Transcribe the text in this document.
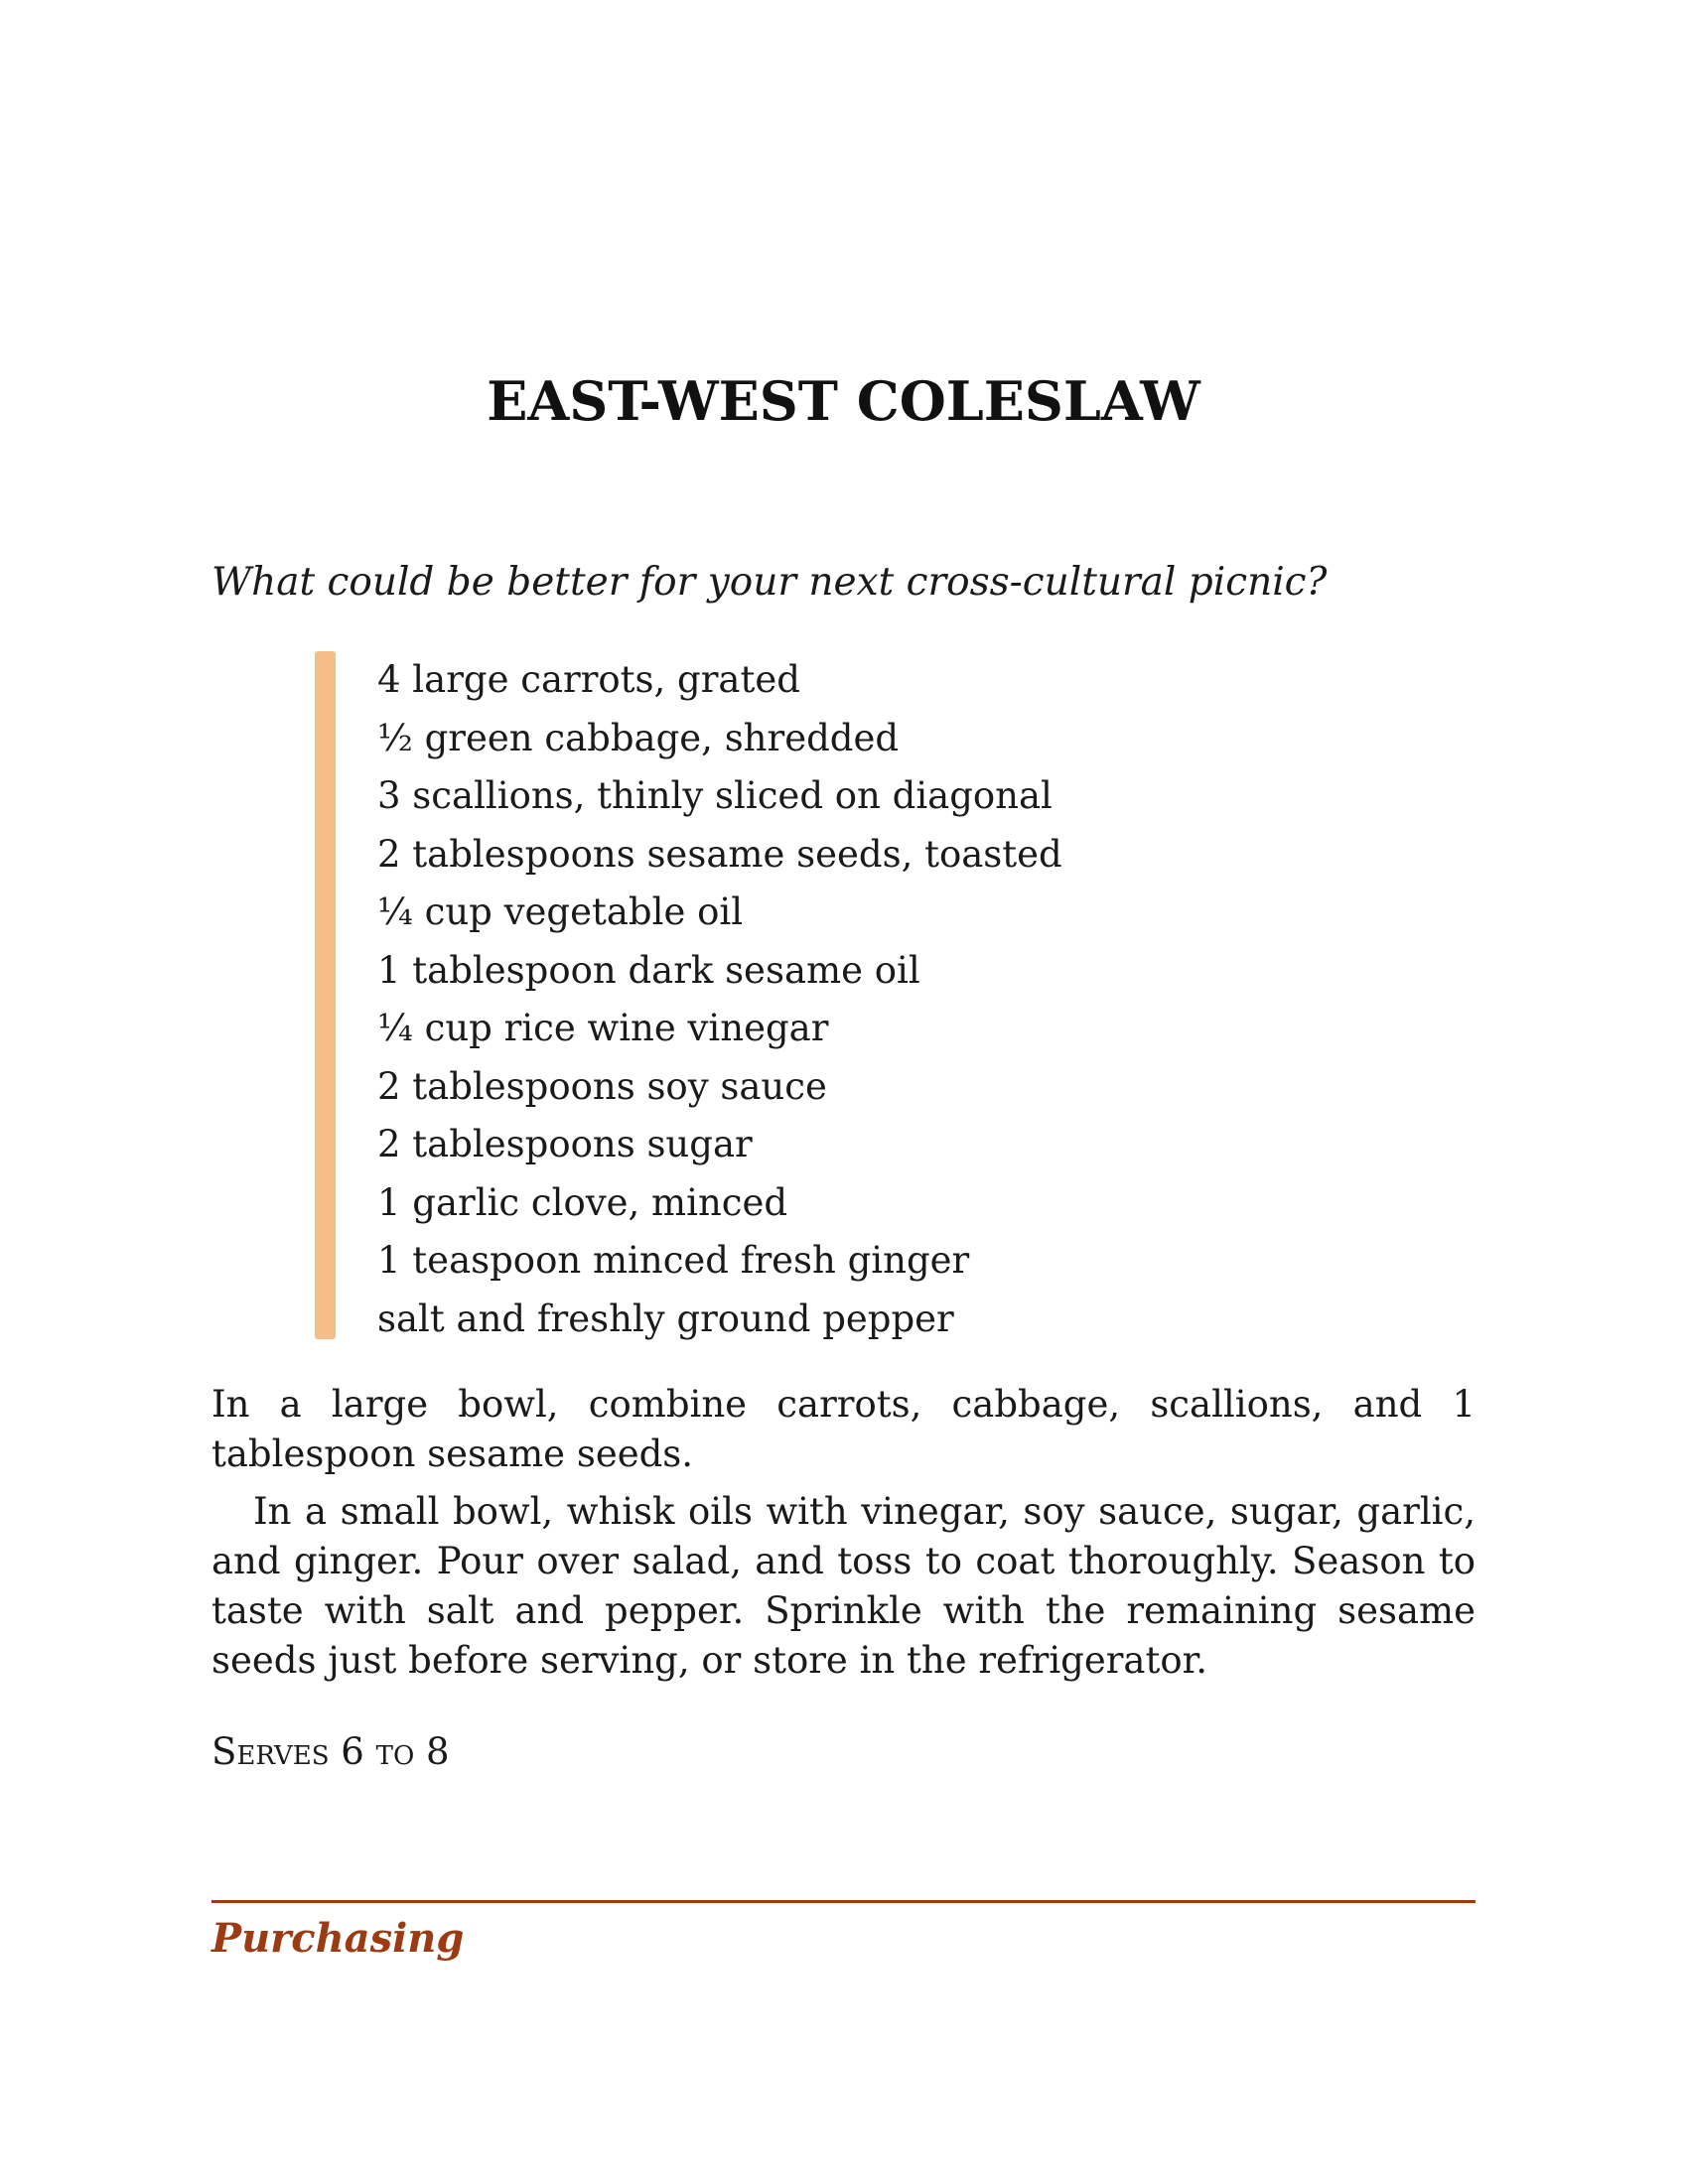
EAST-WEST COLESLAW

What could be better for your next cross-cultural picnic?

4 large carrots, grated
½ green cabbage, shredded
3 scallions, thinly sliced on diagonal
2 tablespoons sesame seeds, toasted
¼ cup vegetable oil
1 tablespoon dark sesame oil
¼ cup rice wine vinegar
2 tablespoons soy sauce
2 tablespoons sugar
1 garlic clove, minced
1 teaspoon minced fresh ginger
salt and freshly ground pepper

In a large bowl, combine carrots, cabbage, scallions, and 1 tablespoon sesame seeds.

In a small bowl, whisk oils with vinegar, soy sauce, sugar, garlic, and ginger. Pour over salad, and toss to coat thoroughly. Season to taste with salt and pepper. Sprinkle with the remaining sesame seeds just before serving, or store in the refrigerator.

Serves 6 to 8

Purchasing
